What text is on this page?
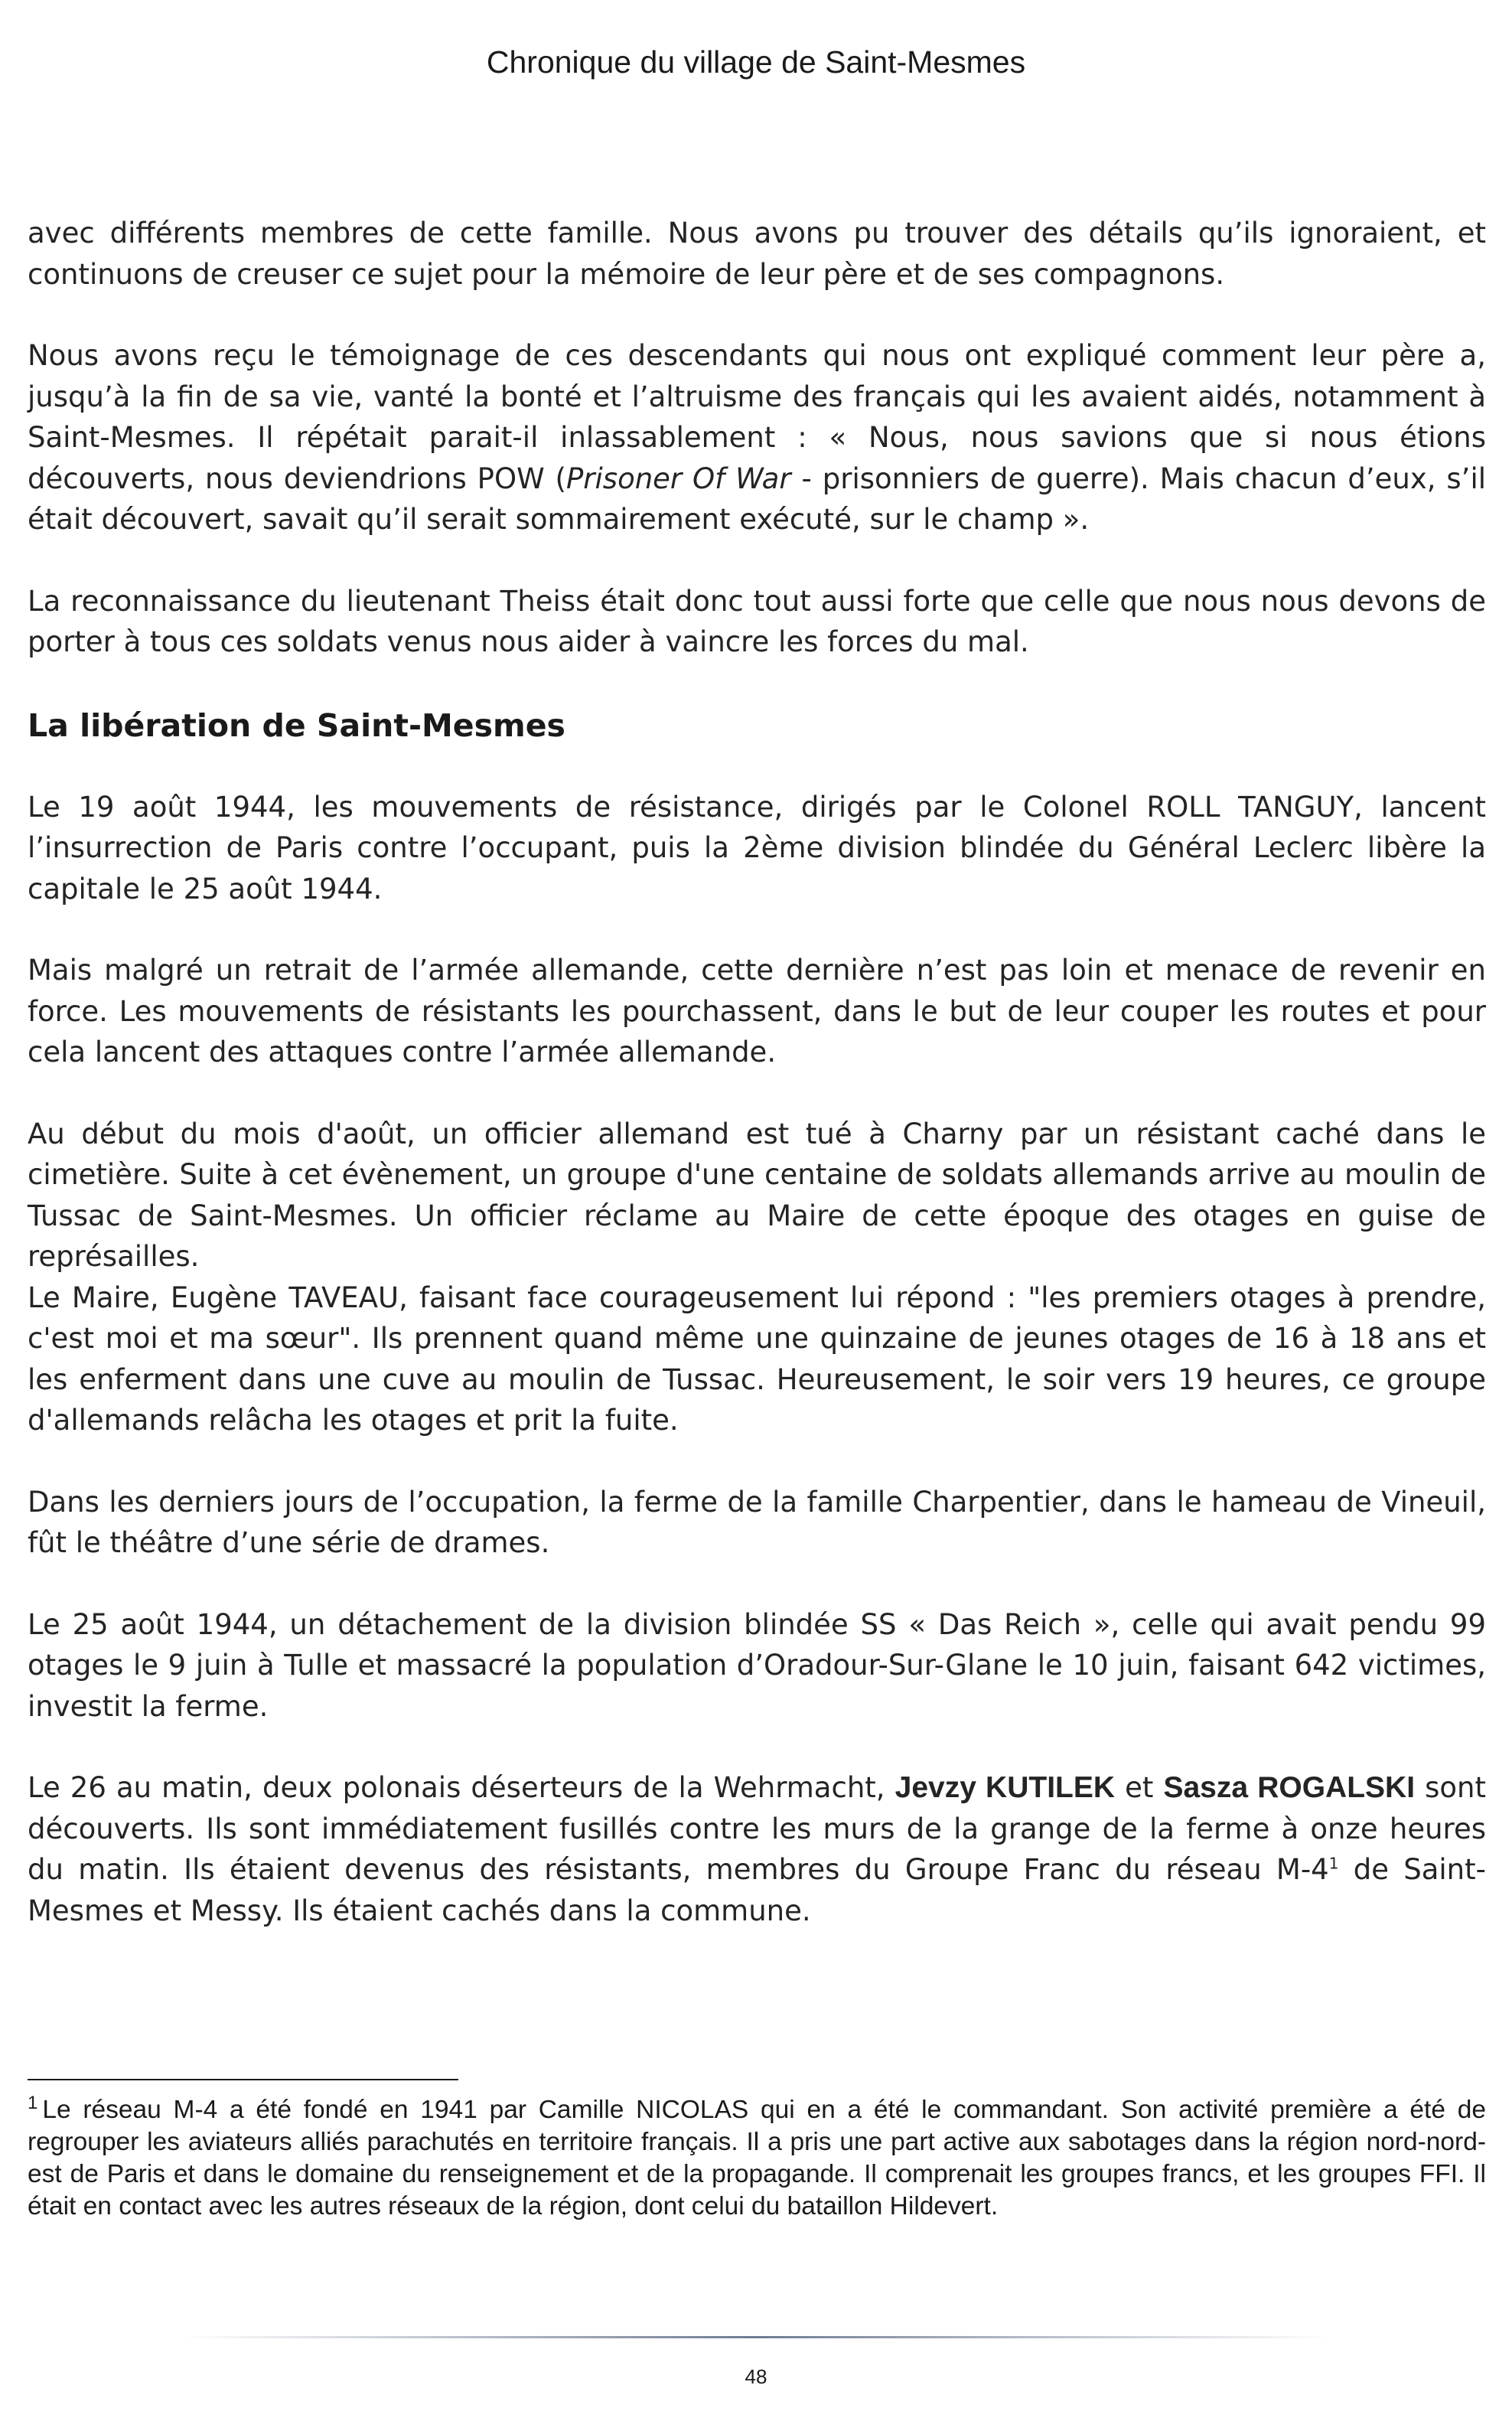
Chronique du village de Saint-Mesmes

avec différents membres de cette famille. Nous avons pu trouver des détails qu’ils ignoraient, et continuons de creuser ce sujet pour la mémoire de leur père et de ses compagnons.

Nous avons reçu le témoignage de ces descendants qui nous ont expliqué comment leur père a, jusqu’à la fin de sa vie, vanté la bonté et l’altruisme des français qui les avaient aidés, notamment à Saint-Mesmes. Il répétait parait-il inlassablement : « Nous, nous savions que si nous étions découverts, nous deviendrions POW (Prisoner Of War - prisonniers de guerre). Mais chacun d’eux, s’il était découvert, savait qu’il serait sommairement exécuté, sur le champ ».

La reconnaissance du lieutenant Theiss était donc tout aussi forte que celle que nous nous devons de porter à tous ces soldats venus nous aider à vaincre les forces du mal.

La libération de Saint-Mesmes

Le 19 août 1944, les mouvements de résistance, dirigés par le Colonel ROLL TANGUY, lancent l’insurrection de Paris contre l’occupant, puis la 2ème division blindée du Général Leclerc libère la capitale le 25 août 1944.

Mais malgré un retrait de l’armée allemande, cette dernière n’est pas loin et menace de revenir en force. Les mouvements de résistants les pourchassent, dans le but de leur couper les routes et pour cela lancent des attaques contre l’armée allemande.

Au début du mois d'août, un officier allemand est tué à Charny par un résistant caché dans le cimetière. Suite à cet évènement, un groupe d'une centaine de soldats allemands arrive au moulin de Tussac de Saint-Mesmes. Un officier réclame au Maire de cette époque des otages en guise de représailles.

Le Maire, Eugène TAVEAU, faisant face courageusement lui répond : "les premiers otages à prendre, c'est moi et ma sœur". Ils prennent quand même une quinzaine de jeunes otages de 16 à 18 ans et les enferment dans une cuve au moulin de Tussac. Heureusement, le soir vers 19 heures, ce groupe d'allemands relâcha les otages et prit la fuite.

Dans les derniers jours de l’occupation, la ferme de la famille Charpentier, dans le hameau de Vineuil, fût le théâtre d’une série de drames.

Le 25 août 1944, un détachement de la division blindée SS « Das Reich », celle qui avait pendu 99 otages le 9 juin à Tulle et massacré la population d’Oradour-Sur-Glane le 10 juin, faisant 642 victimes, investit la ferme.

Le 26 au matin, deux polonais déserteurs de la Wehrmacht, Jevzy KUTILEK et Sasza ROGALSKI sont découverts. Ils sont immédiatement fusillés contre les murs de la grange de la ferme à onze heures du matin. Ils étaient devenus des résistants, membres du Groupe Franc du réseau M-4$^1$ de Saint-Mesmes et Messy. Ils étaient cachés dans la commune.

$^1$ Le réseau M-4 a été fondé en 1941 par Camille NICOLAS qui en a été le commandant. Son activité première a été de regrouper les aviateurs alliés parachutés en territoire français. Il a pris une part active aux sabotages dans la région nord-nord-est de Paris et dans le domaine du renseignement et de la propagande. Il comprenait les groupes francs, et les groupes FFI. Il était en contact avec les autres réseaux de la région, dont celui du bataillon Hildevert.
48
